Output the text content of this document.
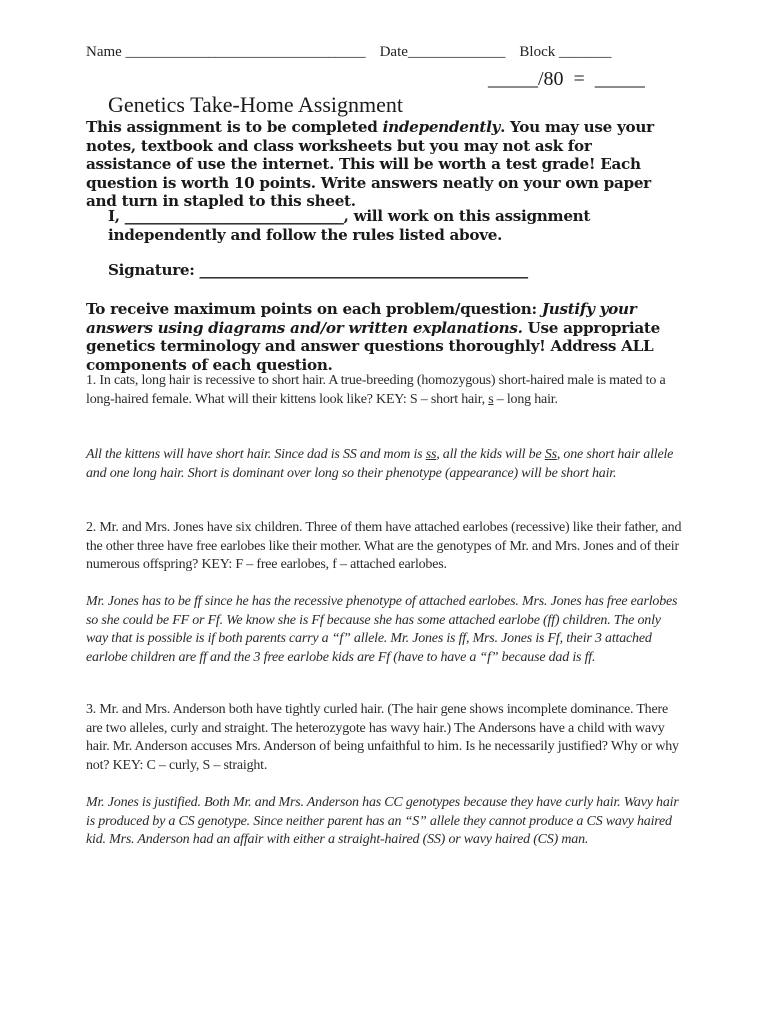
Name ________________________________ Date_____________ Block _______

Genetics Take-Home Assignment

_____/80  =  _____

This assignment is to be completed independently. You may use your notes, textbook and class worksheets but you may not ask for assistance of use the internet. This will be worth a test grade! Each question is worth 10 points. Write answers neatly on your own paper and turn in stapled to this sheet.
I, ______________________________, will work on this assignment independently and follow the rules listed above.
Signature: _____________________________________________
To receive maximum points on each problem/question: Justify your answers using diagrams and/or written explanations. Use appropriate genetics terminology and answer questions thoroughly! Address ALL components of each question.
1. In cats, long hair is recessive to short hair. A true-breeding (homozygous) short-haired male is mated to a long-haired female. What will their kittens look like? KEY: S – short hair, s – long hair.
All the kittens will have short hair. Since dad is SS and mom is ss, all the kids will be Ss, one short hair allele and one long hair. Short is dominant over long so their phenotype (appearance) will be short hair.
2. Mr. and Mrs. Jones have six children. Three of them have attached earlobes (recessive) like their father, and the other three have free earlobes like their mother. What are the genotypes of Mr. and Mrs. Jones and of their numerous offspring? KEY: F – free earlobes, f – attached earlobes.
Mr. Jones has to be ff since he has the recessive phenotype of attached earlobes. Mrs. Jones has free earlobes so she could be FF or Ff. We know she is Ff because she has some attached earlobe (ff) children. The only way that is possible is if both parents carry a “f” allele. Mr. Jones is ff, Mrs. Jones is Ff, their 3 attached earlobe children are ff and the 3 free earlobe kids are Ff (have to have a “f” because dad is ff.
3. Mr. and Mrs. Anderson both have tightly curled hair. (The hair gene shows incomplete dominance. There are two alleles, curly and straight. The heterozygote has wavy hair.) The Andersons have a child with wavy hair. Mr. Anderson accuses Mrs. Anderson of being unfaithful to him. Is he necessarily justified? Why or why not? KEY: C – curly, S – straight.
Mr. Jones is justified. Both Mr. and Mrs. Anderson has CC genotypes because they have curly hair. Wavy hair is produced by a CS genotype. Since neither parent has an “S” allele they cannot produce a CS wavy haired kid. Mrs. Anderson had an affair with either a straight-haired (SS) or wavy haired (CS) man.
